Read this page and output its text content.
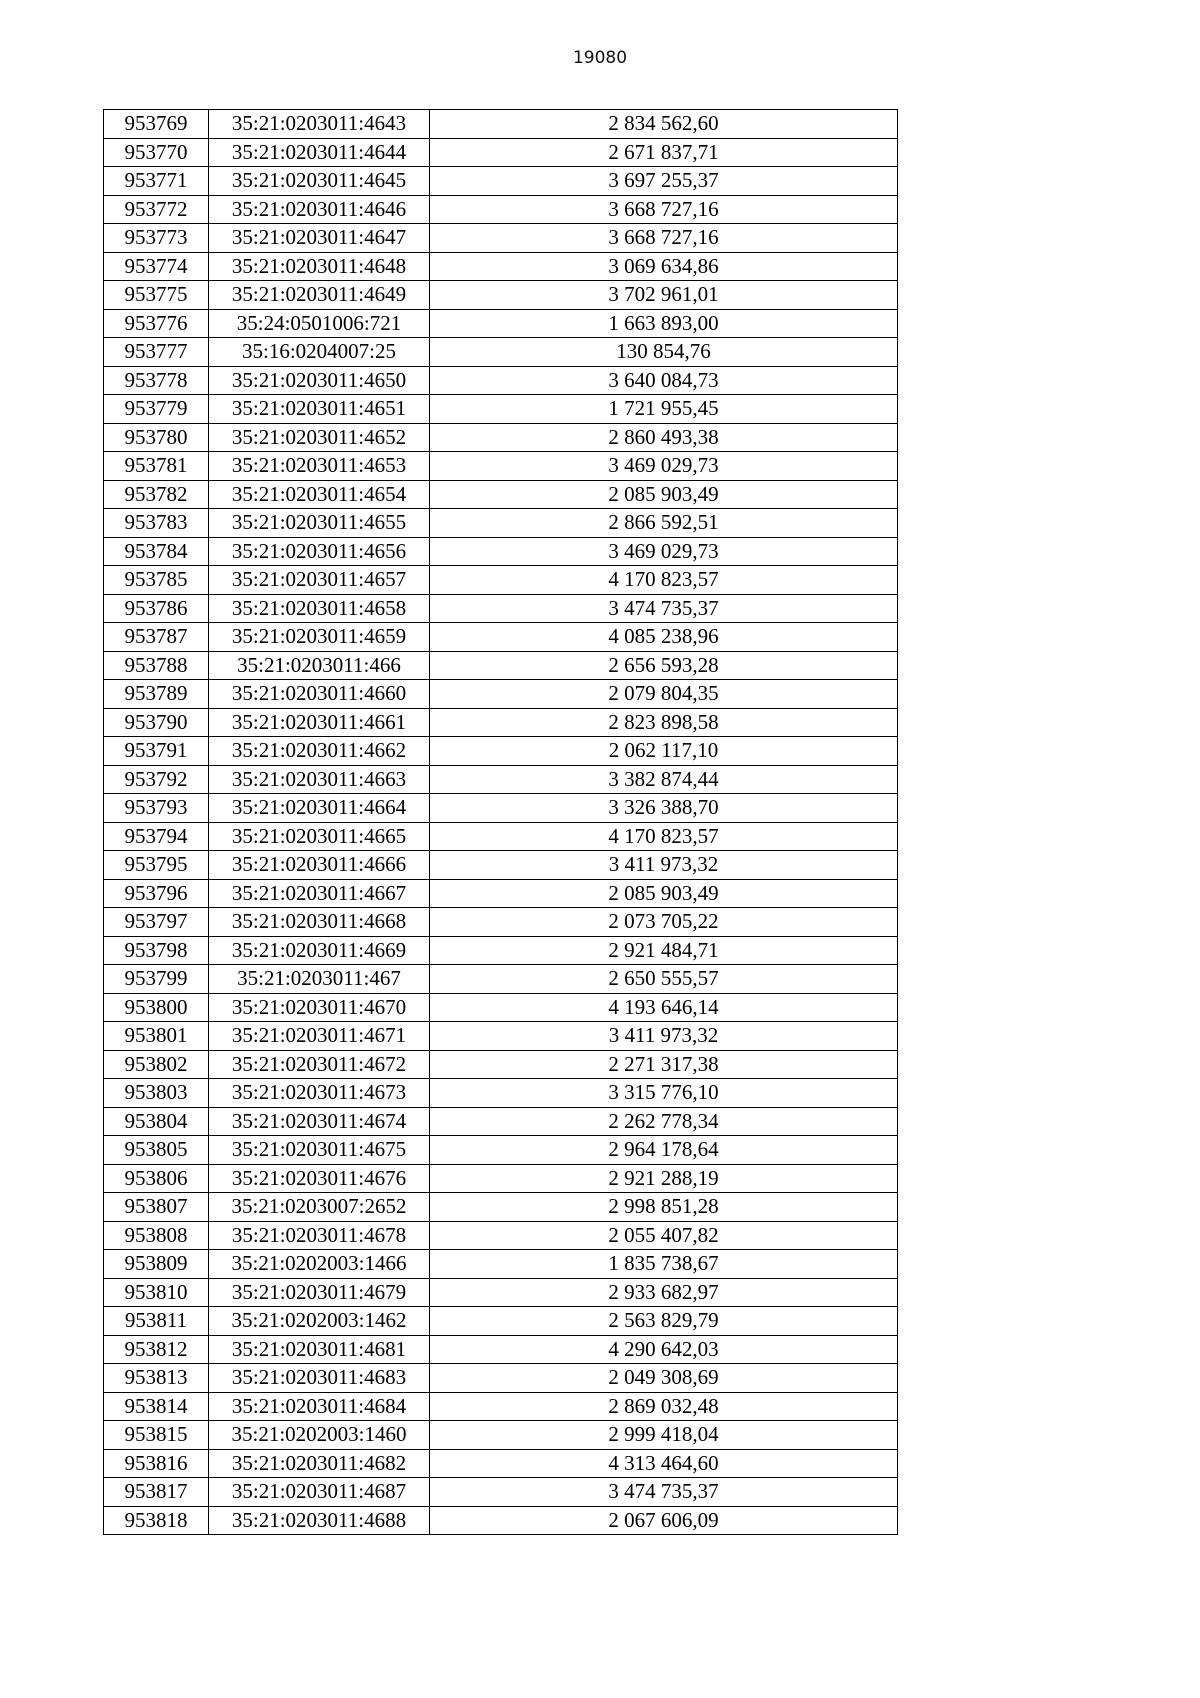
19080
953769	35:21:0203011:4643	2 834 562,60
953770	35:21:0203011:4644	2 671 837,71
953771	35:21:0203011:4645	3 697 255,37
953772	35:21:0203011:4646	3 668 727,16
953773	35:21:0203011:4647	3 668 727,16
953774	35:21:0203011:4648	3 069 634,86
953775	35:21:0203011:4649	3 702 961,01
953776	35:24:0501006:721	1 663 893,00
953777	35:16:0204007:25	130 854,76
953778	35:21:0203011:4650	3 640 084,73
953779	35:21:0203011:4651	1 721 955,45
953780	35:21:0203011:4652	2 860 493,38
953781	35:21:0203011:4653	3 469 029,73
953782	35:21:0203011:4654	2 085 903,49
953783	35:21:0203011:4655	2 866 592,51
953784	35:21:0203011:4656	3 469 029,73
953785	35:21:0203011:4657	4 170 823,57
953786	35:21:0203011:4658	3 474 735,37
953787	35:21:0203011:4659	4 085 238,96
953788	35:21:0203011:466	2 656 593,28
953789	35:21:0203011:4660	2 079 804,35
953790	35:21:0203011:4661	2 823 898,58
953791	35:21:0203011:4662	2 062 117,10
953792	35:21:0203011:4663	3 382 874,44
953793	35:21:0203011:4664	3 326 388,70
953794	35:21:0203011:4665	4 170 823,57
953795	35:21:0203011:4666	3 411 973,32
953796	35:21:0203011:4667	2 085 903,49
953797	35:21:0203011:4668	2 073 705,22
953798	35:21:0203011:4669	2 921 484,71
953799	35:21:0203011:467	2 650 555,57
953800	35:21:0203011:4670	4 193 646,14
953801	35:21:0203011:4671	3 411 973,32
953802	35:21:0203011:4672	2 271 317,38
953803	35:21:0203011:4673	3 315 776,10
953804	35:21:0203011:4674	2 262 778,34
953805	35:21:0203011:4675	2 964 178,64
953806	35:21:0203011:4676	2 921 288,19
953807	35:21:0203007:2652	2 998 851,28
953808	35:21:0203011:4678	2 055 407,82
953809	35:21:0202003:1466	1 835 738,67
953810	35:21:0203011:4679	2 933 682,97
953811	35:21:0202003:1462	2 563 829,79
953812	35:21:0203011:4681	4 290 642,03
953813	35:21:0203011:4683	2 049 308,69
953814	35:21:0203011:4684	2 869 032,48
953815	35:21:0202003:1460	2 999 418,04
953816	35:21:0203011:4682	4 313 464,60
953817	35:21:0203011:4687	3 474 735,37
953818	35:21:0203011:4688	2 067 606,09
